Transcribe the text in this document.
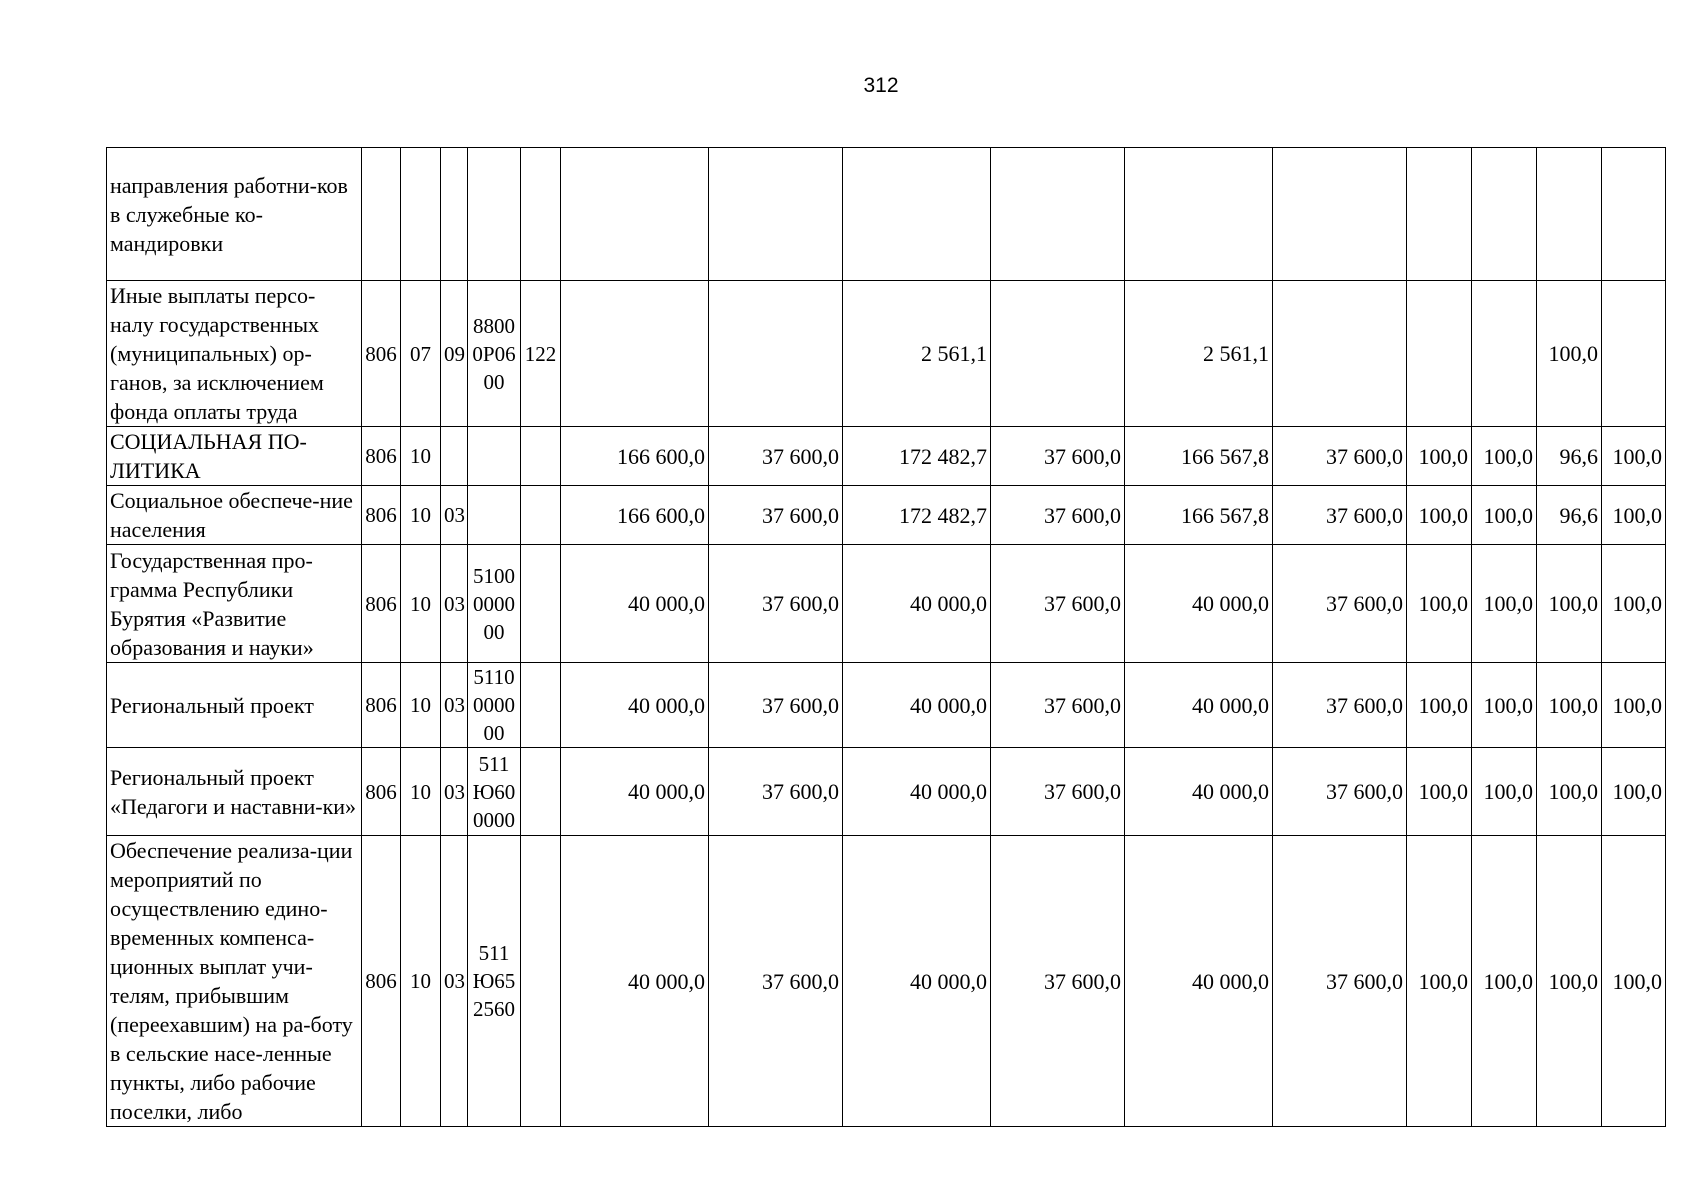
312
направления работни-ков в служебные ко-мандировки															
Иные выплаты персо-налу государственных (муниципальных) ор-ганов, за исключением фонда оплаты труда	806	07	09	8800 0Р06 00	122			2 561,1		2 561,1				100,0	
СОЦИАЛЬНАЯ ПО-ЛИТИКА	806	10				166 600,0	37 600,0	172 482,7	37 600,0	166 567,8	37 600,0	100,0	100,0	96,6	100,0
Социальное обеспече-ние населения	806	10	03			166 600,0	37 600,0	172 482,7	37 600,0	166 567,8	37 600,0	100,0	100,0	96,6	100,0
Государственная про-грамма Республики Бурятия «Развитие образования и науки»	806	10	03	5100 0000 00		40 000,0	37 600,0	40 000,0	37 600,0	40 000,0	37 600,0	100,0	100,0	100,0	100,0
Региональный проект	806	10	03	5110 0000 00		40 000,0	37 600,0	40 000,0	37 600,0	40 000,0	37 600,0	100,0	100,0	100,0	100,0
Региональный проект «Педагоги и наставни-ки»	806	10	03	511 Ю60 0000		40 000,0	37 600,0	40 000,0	37 600,0	40 000,0	37 600,0	100,0	100,0	100,0	100,0
Обеспечение реализа-ции мероприятий по осуществлению едино-временных компенса-ционных выплат учи-телям, прибывшим (переехавшим) на ра-боту в сельские насе-ленные пункты, либо рабочие поселки, либо	806	10	03	511 Ю65 2560		40 000,0	37 600,0	40 000,0	37 600,0	40 000,0	37 600,0	100,0	100,0	100,0	100,0
